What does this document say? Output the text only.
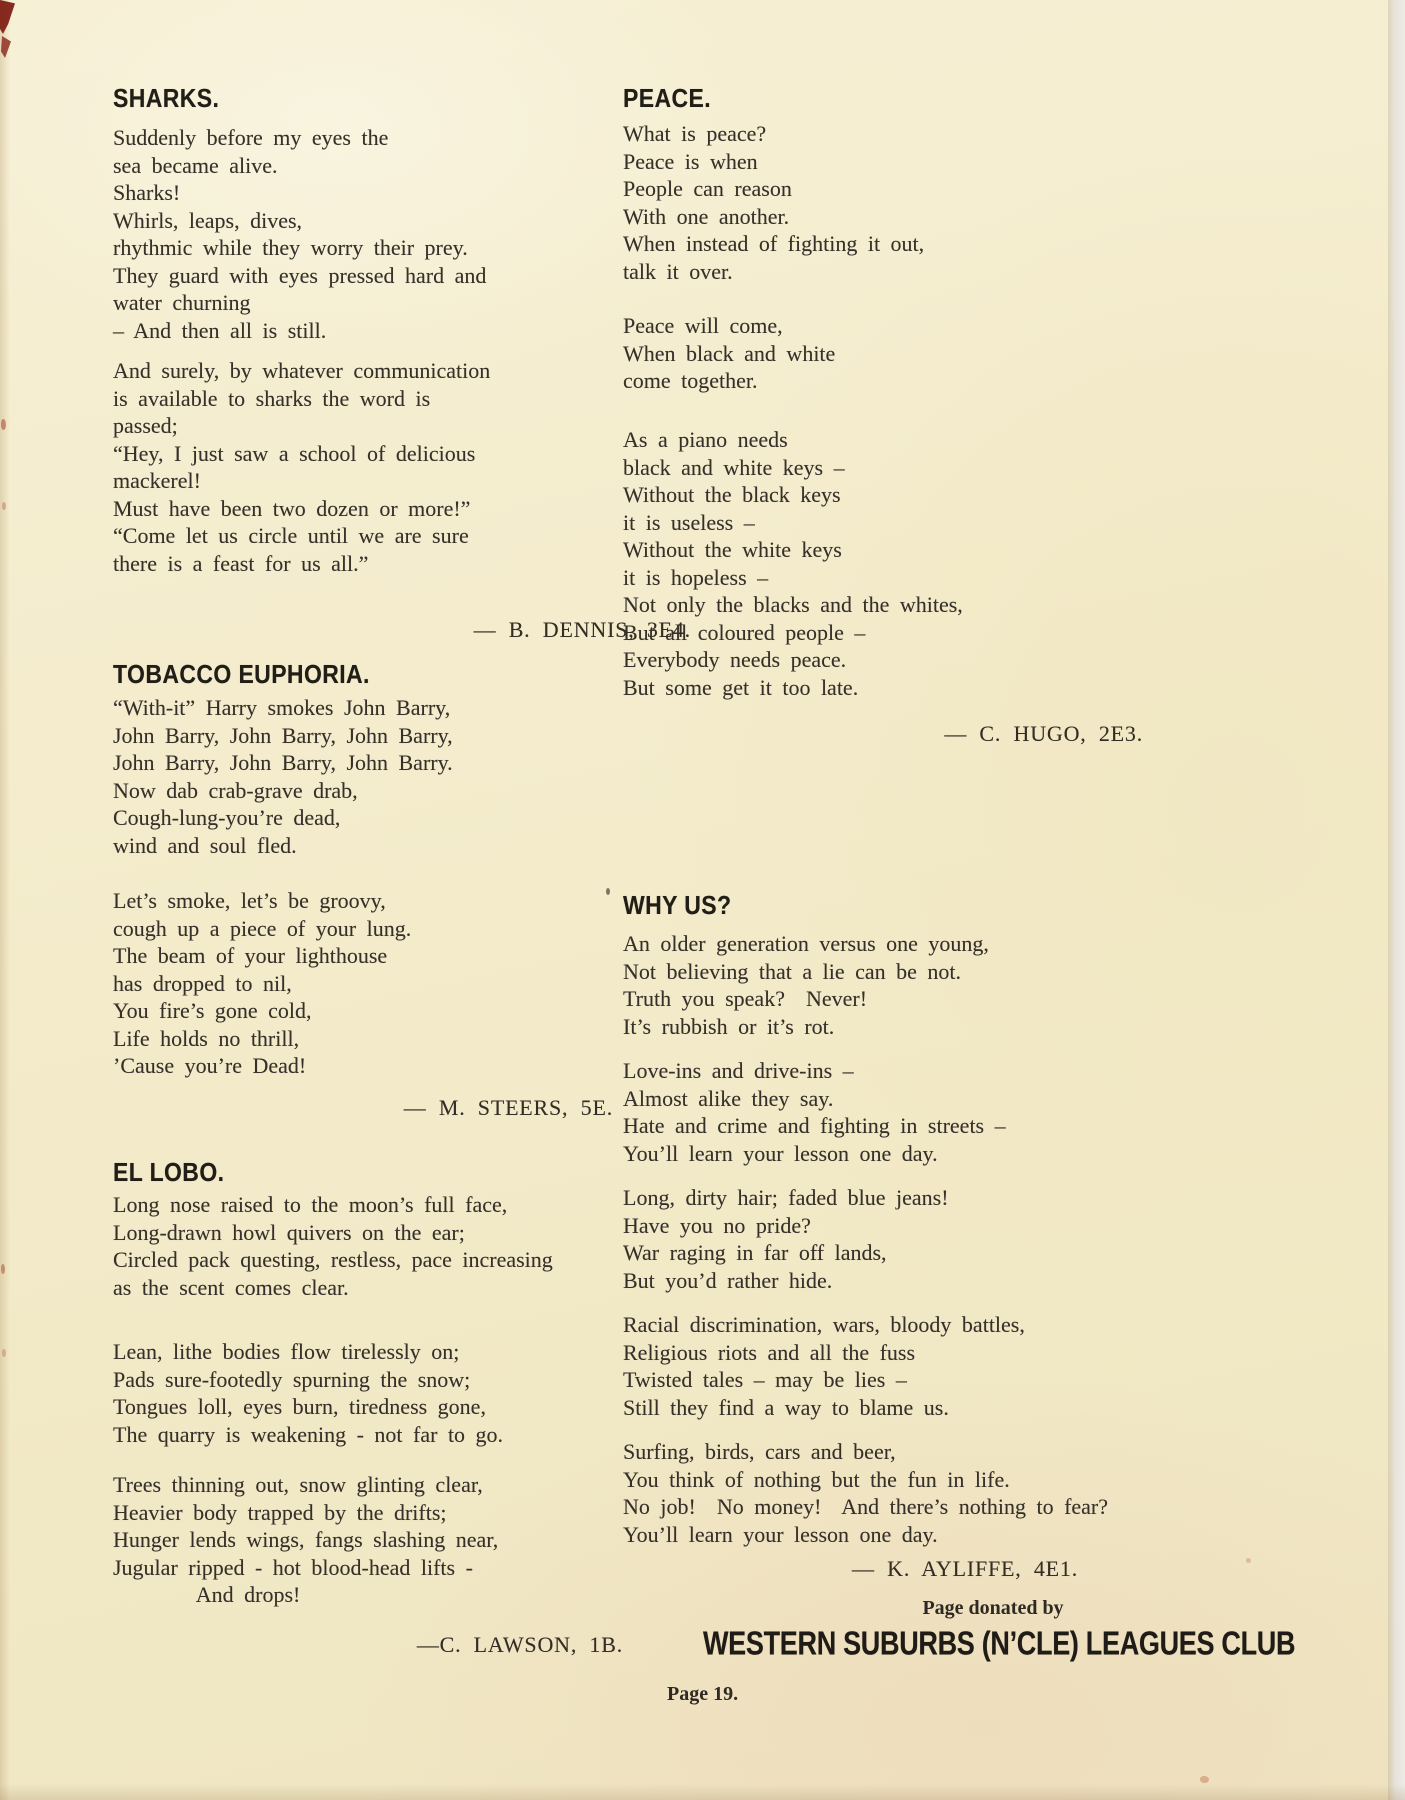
SHARKS.
Suddenly before my eyes the
sea became alive.
Sharks!
Whirls, leaps, dives,
rhythmic while they worry their prey.
They guard with eyes pressed hard and
water churning
– And then all is still.
And surely, by whatever communication
is available to sharks the word is
passed;
“Hey, I just saw a school of delicious
mackerel!
Must have been two dozen or more!”
“Come let us circle until we are sure
there is a feast for us all.”
— B. DENNIS, 3E4.
TOBACCO EUPHORIA.
“With-it” Harry smokes John Barry,
John Barry, John Barry, John Barry,
John Barry, John Barry, John Barry.
Now dab crab-grave drab,
Cough-lung-you’re dead,
wind and soul fled.
Let’s smoke, let’s be groovy,
cough up a piece of your lung.
The beam of your lighthouse
has dropped to nil,
You fire’s gone cold,
Life holds no thrill,
’Cause you’re Dead!
— M. STEERS, 5E.
EL LOBO.
Long nose raised to the moon’s full face,
Long-drawn howl quivers on the ear;
Circled pack questing, restless, pace increasing
as the scent comes clear.
Lean, lithe bodies flow tirelessly on;
Pads sure-footedly spurning the snow;
Tongues loll, eyes burn, tiredness gone,
The quarry is weakening - not far to go.
Trees thinning out, snow glinting clear,
Heavier body trapped by the drifts;
Hunger lends wings, fangs slashing near,
Jugular ripped - hot blood-head lifts -
And drops!
—C. LAWSON, 1B.
PEACE.
What is peace?
Peace is when
People can reason
With one another.
When instead of fighting it out,
talk it over.
Peace will come,
When black and white
come together.
As a piano needs
black and white keys –
Without the black keys
it is useless –
Without the white keys
it is hopeless –
Not only the blacks and the whites,
But all coloured people –
Everybody needs peace.
But some get it too late.
— C. HUGO, 2E3.
WHY US?
An older generation versus one young,
Not believing that a lie can be not.
Truth you speak?  Never!
It’s rubbish or it’s rot.
Love-ins and drive-ins –
Almost alike they say.
Hate and crime and fighting in streets –
You’ll learn your lesson one day.
Long, dirty hair; faded blue jeans!
Have you no pride?
War raging in far off lands,
But you’d rather hide.
Racial discrimination, wars, bloody battles,
Religious riots and all the fuss
Twisted tales – may be lies –
Still they find a way to blame us.
Surfing, birds, cars and beer,
You think of nothing but the fun in life.
No job!  No money!  And there’s nothing to fear?
You’ll learn your lesson one day.
— K. AYLIFFE, 4E1.
Page donated by
WESTERN SUBURBS (N’CLE) LEAGUES CLUB
Page 19.
